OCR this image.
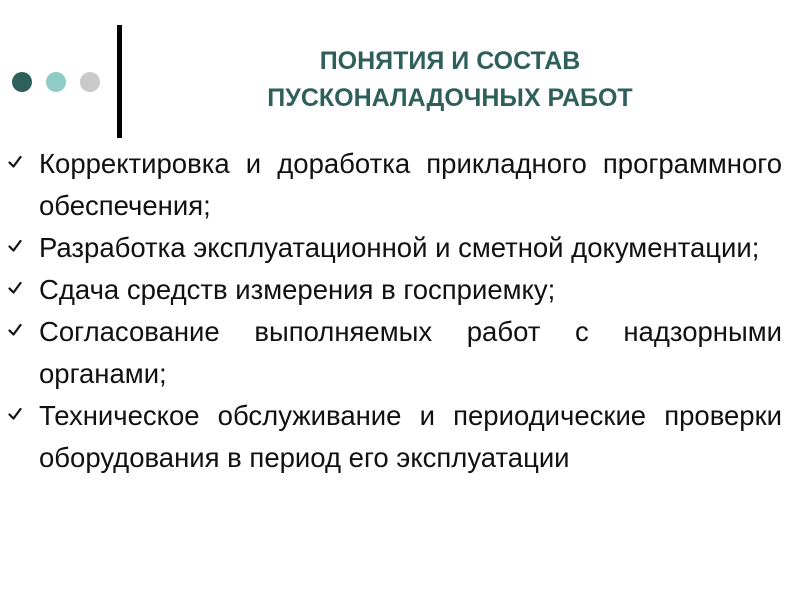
ПОНЯТИЯ И СОСТАВ
ПУСКОНАЛАДОЧНЫХ РАБОТ
Корректировка и доработка прикладного программного обеспечения;
Разработка эксплуатационной и сметной документации;
Сдача средств измерения в госприемку;
Согласование выполняемых работ с надзорными органами;
Техническое обслуживание и периодические проверки оборудования в период его эксплуатации
